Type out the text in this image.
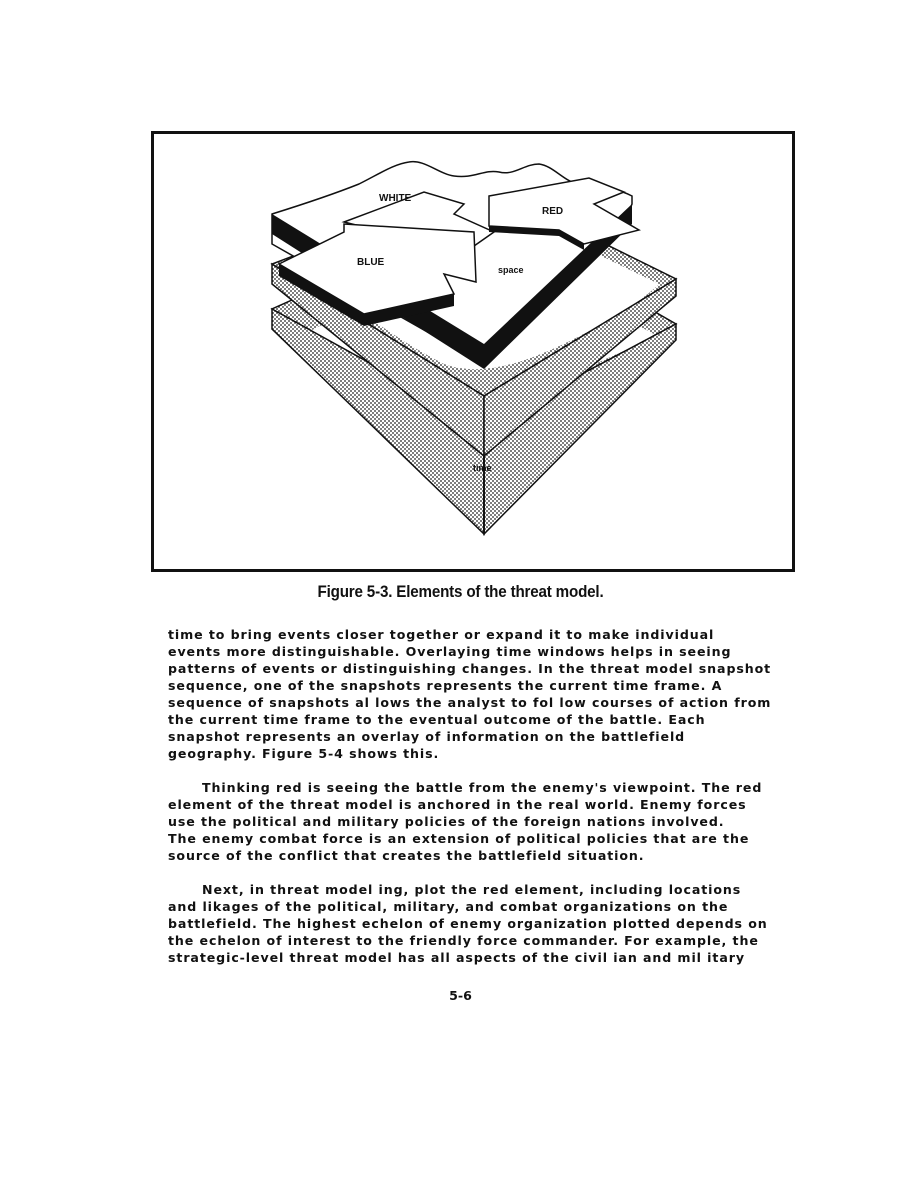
WHITE
RED
BLUE
space
time
Figure 5-3. Elements of the threat model.
time to bring events closer together or expand it to make individual
events more distinguishable. Overlaying time windows helps in seeing
patterns of events or distinguishing changes. In the threat model snapshot
sequence, one of the snapshots represents the current time frame. A
sequence of snapshots al lows the analyst to fol low courses of action from
the current time frame to the eventual outcome of the battle. Each
snapshot represents an overlay of information on the battlefield
geography. Figure 5-4 shows this.
Thinking red is seeing the battle from the enemy's viewpoint. The red
element of the threat model is anchored in the real world. Enemy forces
use the political and military policies of the foreign nations involved.
The enemy combat force is an extension of political policies that are the
source of the conflict that creates the battlefield situation.
Next, in threat model ing, plot the red element, including locations
and likages of the political, military, and combat organizations on the
battlefield. The highest echelon of enemy organization plotted depends on
the echelon of interest to the friendly force commander. For example, the
strategic-level threat model has all aspects of the civil ian and mil itary
5-6
